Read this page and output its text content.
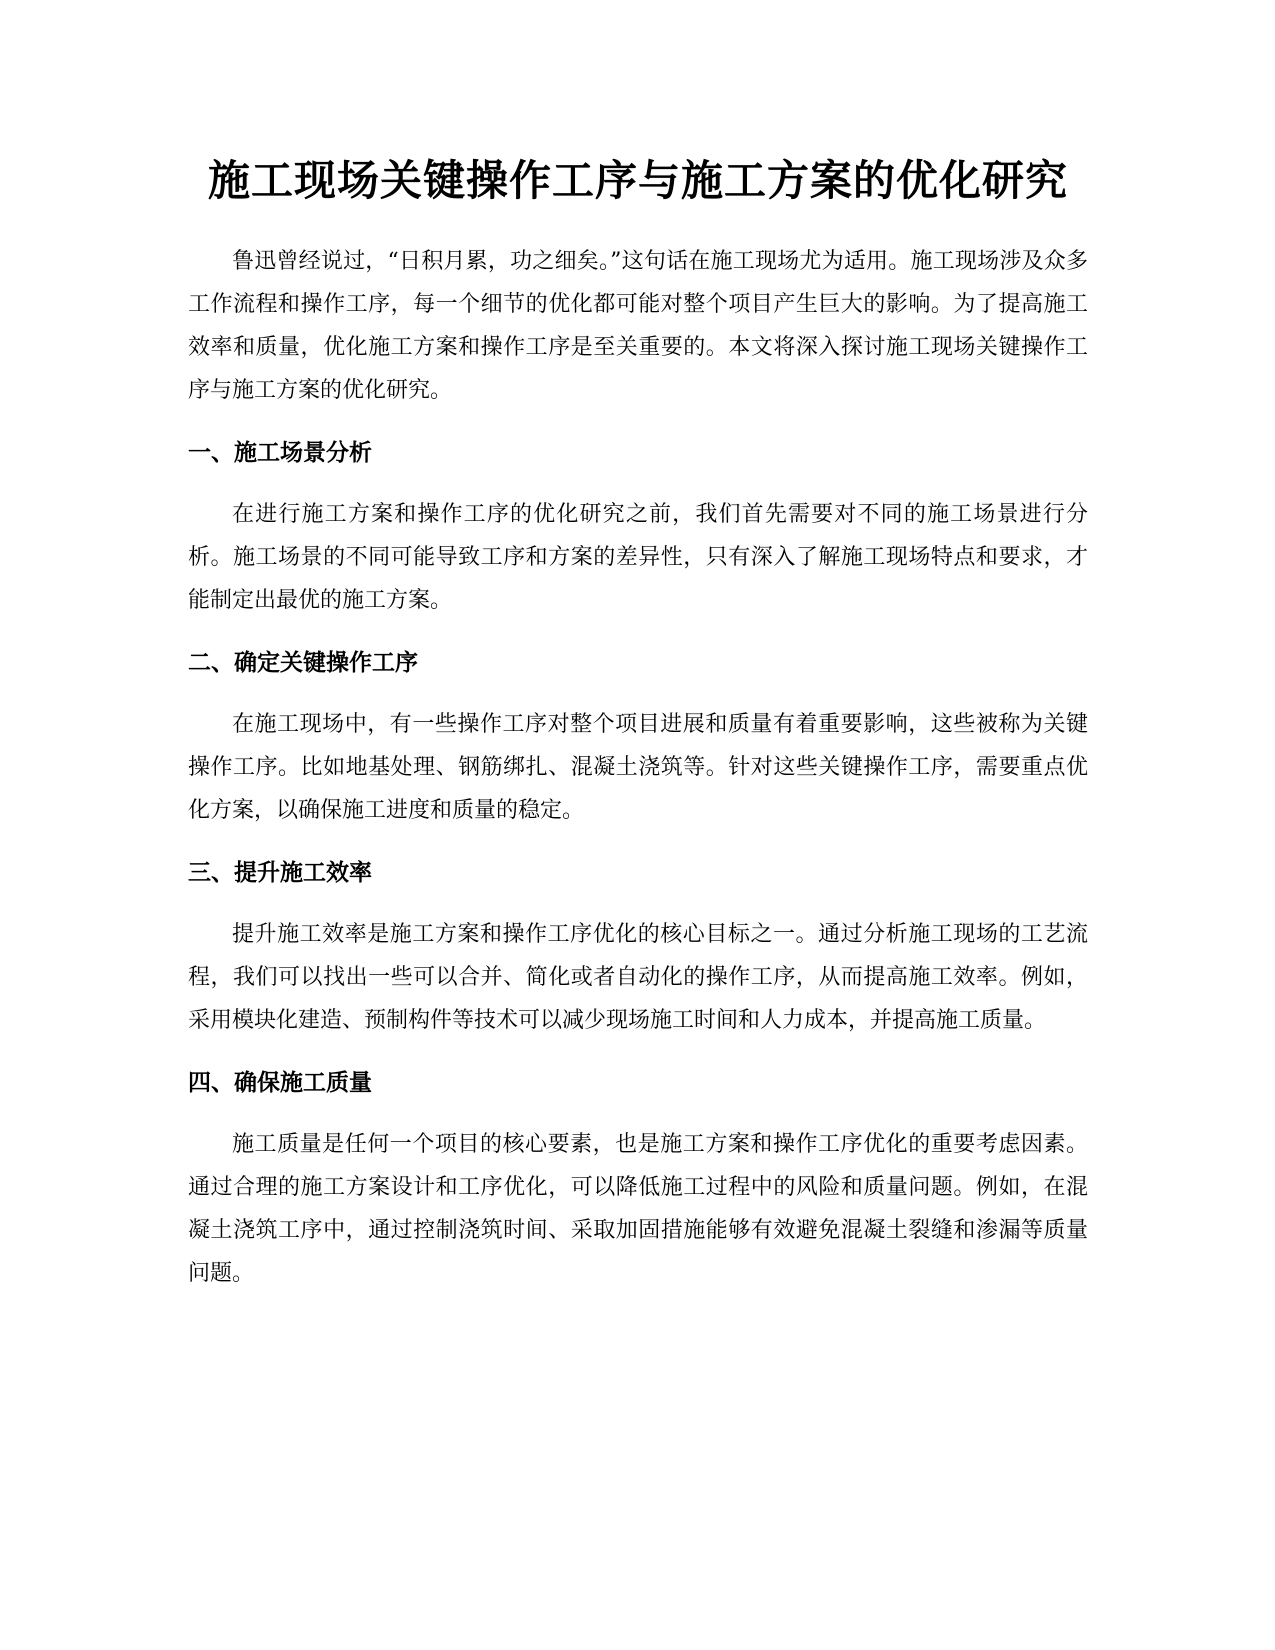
施工现场关键操作工序与施工方案的优化研究

鲁迅曾经说过，“日积月累，功之细矣。”这句话在施工现场尤为适用。施工现场涉及众多工作流程和操作工序，每一个细节的优化都可能对整个项目产生巨大的影响。为了提高施工效率和质量，优化施工方案和操作工序是至关重要的。本文将深入探讨施工现场关键操作工序与施工方案的优化研究。

一、施工场景分析

在进行施工方案和操作工序的优化研究之前，我们首先需要对不同的施工场景进行分析。施工场景的不同可能导致工序和方案的差异性，只有深入了解施工现场特点和要求，才能制定出最优的施工方案。

二、确定关键操作工序

在施工现场中，有一些操作工序对整个项目进展和质量有着重要影响，这些被称为关键操作工序。比如地基处理、钢筋绑扎、混凝土浇筑等。针对这些关键操作工序，需要重点优化方案，以确保施工进度和质量的稳定。

三、提升施工效率

提升施工效率是施工方案和操作工序优化的核心目标之一。通过分析施工现场的工艺流程，我们可以找出一些可以合并、简化或者自动化的操作工序，从而提高施工效率。例如，采用模块化建造、预制构件等技术可以减少现场施工时间和人力成本，并提高施工质量。

四、确保施工质量

施工质量是任何一个项目的核心要素，也是施工方案和操作工序优化的重要考虑因素。通过合理的施工方案设计和工序优化，可以降低施工过程中的风险和质量问题。例如，在混凝土浇筑工序中，通过控制浇筑时间、采取加固措施能够有效避免混凝土裂缝和渗漏等质量问题。
